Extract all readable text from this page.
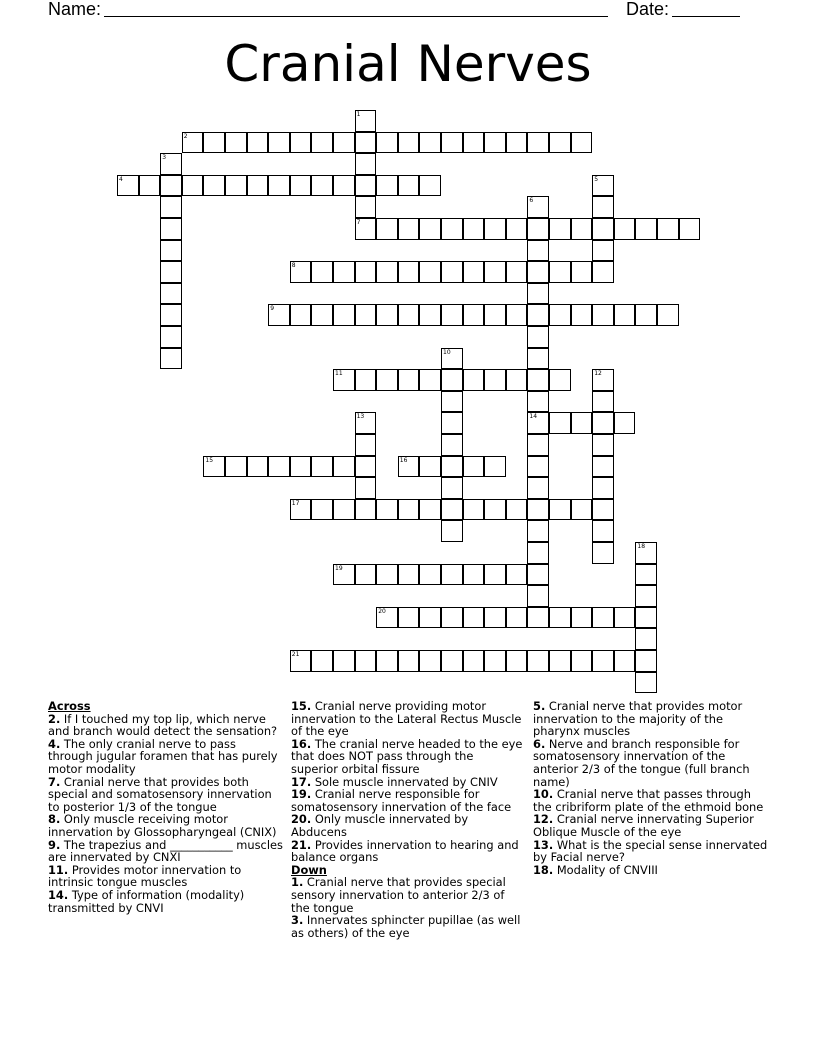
Name:	Date:
Cranial Nerves
1
7
2
3
4	5
6
14
8
9
10
11	12
13
15	16
17
18
19
20
21
Across
2. If I touched my top lip, which nerve and branch would detect the sensation?
4. The only cranial nerve to pass through jugular foramen that has purely motor modality
7. Cranial nerve that provides both special and somatosensory innervation to posterior 1/3 of the tongue
8. Only muscle receiving motor innervation by Glossopharyngeal (CNIX)
9. The trapezius and ___________ muscles are innervated by CNXI
11. Provides motor innervation to intrinsic tongue muscles
14. Type of information (modality) transmitted by CNVI
15. Cranial nerve providing motor innervation to the Lateral Rectus Muscle of the eye
16. The cranial nerve headed to the eye that does NOT pass through the superior orbital fissure
17. Sole muscle innervated by CNIV
19. Cranial nerve responsible for somatosensory innervation of the face
20. Only muscle innervated by Abducens
21. Provides innervation to hearing and balance organs
Down
1. Cranial nerve that provides special sensory innervation to anterior 2/3 of the tongue
3. Innervates sphincter pupillae (as well as others) of the eye
5. Cranial nerve that provides motor innervation to the majority of the pharynx muscles
6. Nerve and branch responsible for somatosensory innervation of the anterior 2/3 of the tongue (full branch name)
10. Cranial nerve that passes through the cribriform plate of the ethmoid bone
12. Cranial nerve innervating Superior Oblique Muscle of the eye
13. What is the special sense innervated by Facial nerve?
18. Modality of CNVIII
